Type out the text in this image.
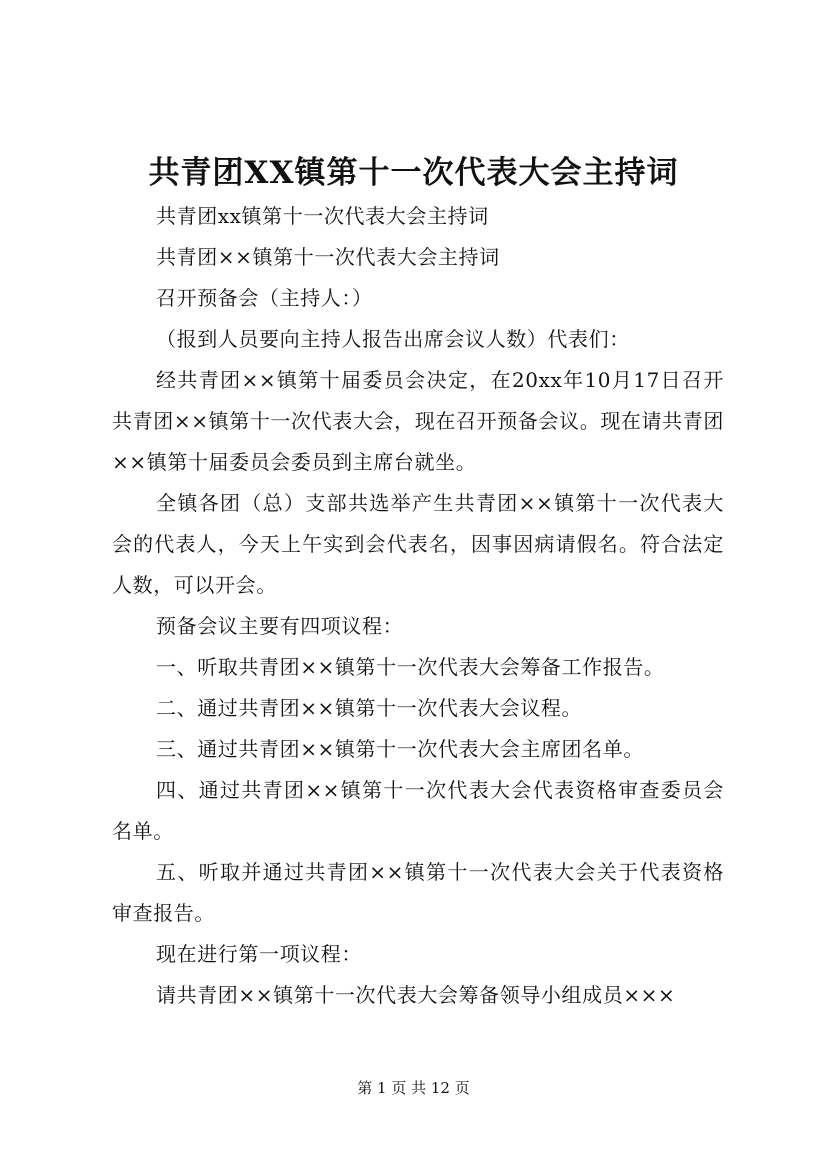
共青团XX镇第十一次代表大会主持词

共青团xx镇第十一次代表大会主持词

共青团××镇第十一次代表大会主持词

召开预备会（主持人：）

（报到人员要向主持人报告出席会议人数）代表们：

经共青团××镇第十届委员会决定，在20xx年10月17日召开共青团××镇第十一次代表大会，现在召开预备会议。现在请共青团××镇第十届委员会委员到主席台就坐。

全镇各团（总）支部共选举产生共青团××镇第十一次代表大会的代表人，今天上午实到会代表名，因事因病请假名。符合法定人数，可以开会。

预备会议主要有四项议程：

一、听取共青团××镇第十一次代表大会筹备工作报告。

二、通过共青团××镇第十一次代表大会议程。

三、通过共青团××镇第十一次代表大会主席团名单。

四、通过共青团××镇第十一次代表大会代表资格审查委员会名单。

五、听取并通过共青团××镇第十一次代表大会关于代表资格审查报告。

现在进行第一项议程：

请共青团××镇第十一次代表大会筹备领导小组成员×××

第 1 页 共 12 页
